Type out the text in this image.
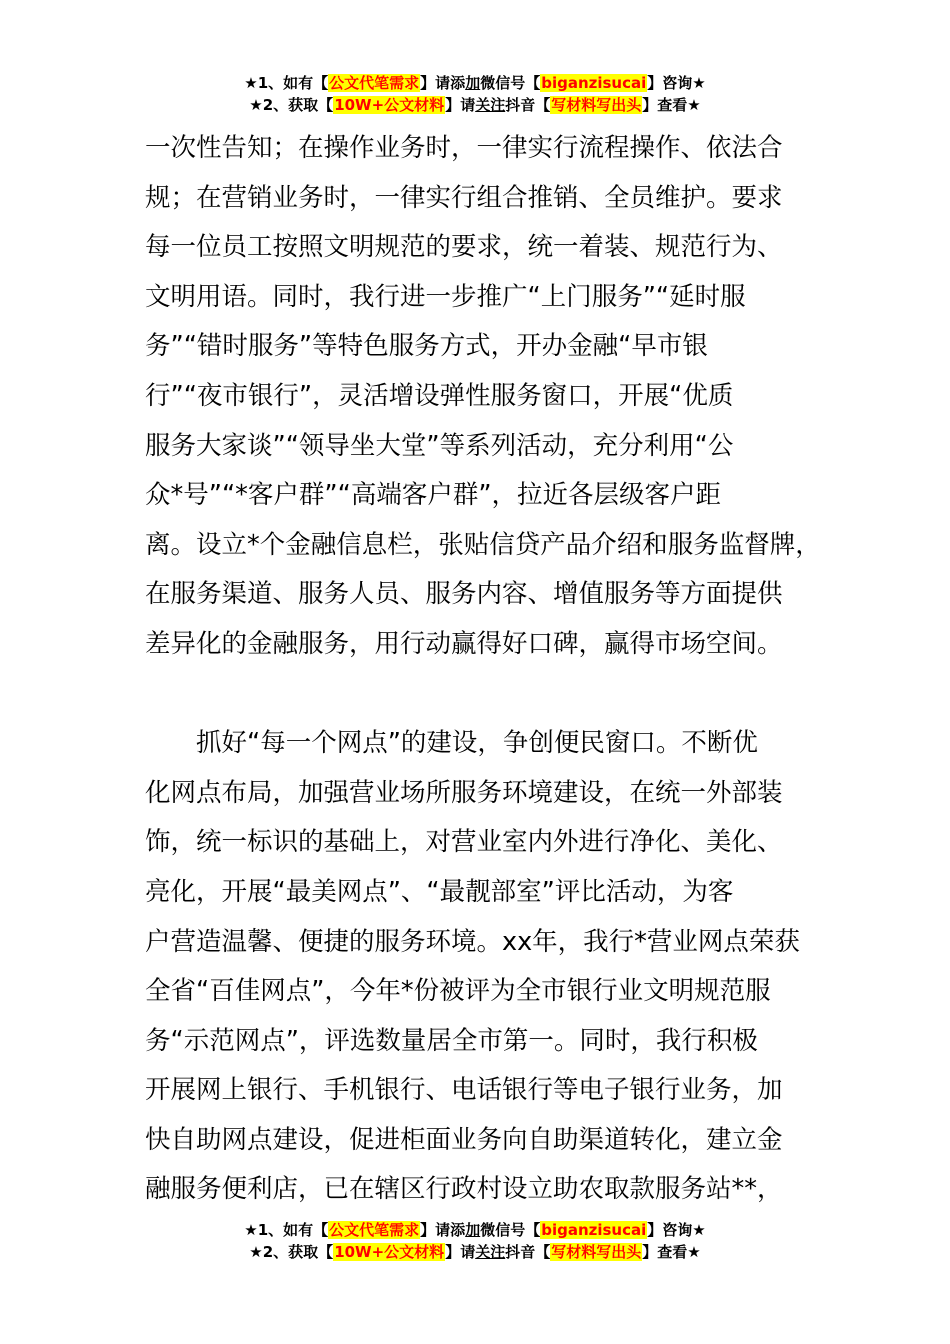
★1、如有【公文代笔需求】请添加微信号【biganzisucai】咨询★
★2、获取【10W+公文材料】请关注抖音【写材料写出头】查看★

一次性告知；在操作业务时，一律实行流程操作、依法合

规；在营销业务时，一律实行组合推销、全员维护。要求

每一位员工按照文明规范的要求，统一着装、规范行为、

文明用语。同时，我行进一步推广“上门服务”“延时服

务”“错时服务”等特色服务方式，开办金融“早市银

行”“夜市银行”，灵活增设弹性服务窗口，开展“优质

服务大家谈”“领导坐大堂”等系列活动，充分利用“公

众*号”“*客户群”“高端客户群”，拉近各层级客户距

离。设立*个金融信息栏，张贴信贷产品介绍和服务监督牌，

在服务渠道、服务人员、服务内容、增值服务等方面提供

差异化的金融服务，用行动赢得好口碑，赢得市场空间。

　　抓好“每一个网点”的建设，争创便民窗口。不断优

化网点布局，加强营业场所服务环境建设，在统一外部装

饰，统一标识的基础上，对营业室内外进行净化、美化、

亮化，开展“最美网点”、“最靓部室”评比活动，为客

户营造温馨、便捷的服务环境。xx年，我行*营业网点荣获

全省“百佳网点”，今年*份被评为全市银行业文明规范服

务“示范网点”，评选数量居全市第一。同时，我行积极

开展网上银行、手机银行、电话银行等电子银行业务，加

快自助网点建设，促进柜面业务向自助渠道转化，建立金

融服务便利店，已在辖区行政村设立助农取款服务站**，

★1、如有【公文代笔需求】请添加微信号【biganzisucai】咨询★
★2、获取【10W+公文材料】请关注抖音【写材料写出头】查看★
